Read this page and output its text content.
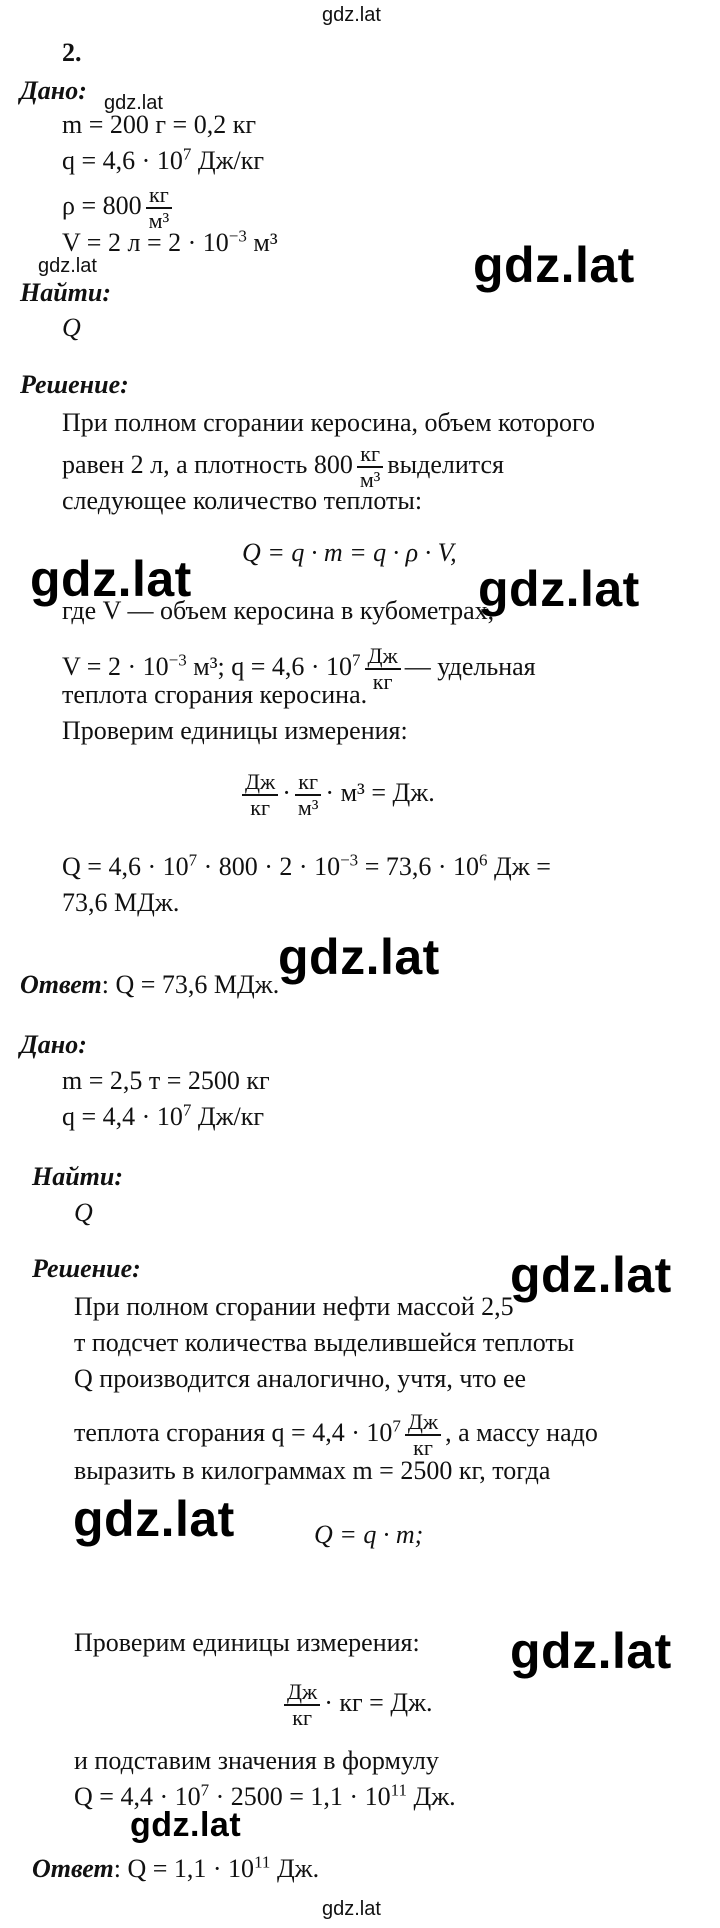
gdz.lat
gdz.lat
gdz.lat	gdz.lat
gdz.lat	gdz.lat
gdz.lat
gdz.lat
gdz.lat
gdz.lat
gdz.lat
gdz.lat
2.
Дано:
m = 200 г = 0,2 кг
$q = 4,6 \cdot 10^7$ Дж/кг
$\rho = 800 \frac{кг}{\text{м³}}$
V = 2 $л = 2 \cdot 10^{-3}$ м³
Найти:
Q
Решение:
При полном сгорании керосина, объем которого
равен 2 л, а плотность $800 \frac{кг}{\text{м³}}$ выделится
следующее количество теплоты:
Q = q · m = q · ρ · V,
где V — объем керосина в кубометрах,
$V = 2 \cdot 10^{-3}$ м³; $q = 4,6 \cdot 10^7 \frac{Дж}{кг}$ — удельная
теплота сгорания керосина.
Проверим единицы измерения:
$\frac{Дж}{кг} \cdot \frac{кг}{\text{м³}} \cdot м^3$ = Дж.
$Q = 4,6 \cdot 10^7 \cdot 800 \cdot 2 \cdot 10^{-3} = 73,6 \cdot 10^6$ Дж =
73,6 МДж.
Ответ: Q = 73,6 МДж.
Дано:
m = 2,5 т = 2500 кг
$q = 4,4 \cdot 10^7$ Дж/кг
Найти:
Q
Решение:
При полном сгорании нефти массой 2,5
т подсчет количества выделившейся теплоты
Q производится аналогично, учтя, что ее
теплота сгорания $q = 4,4 \cdot 10^7 \frac{Дж}{кг}$ , а массу надо
выразить в килограммах m = 2500 кг, тогда
Q = q · m;
Проверим единицы измерения:
$\frac{Дж}{кг}$ · кг = Дж.
и подставим значения в формулу
$Q = 4,4 \cdot 10^7 \cdot 2500 = 1,1 \cdot 10^{11}$ Дж.
Ответ: $Q = 1,1 \cdot 10^{11}$ Дж.
